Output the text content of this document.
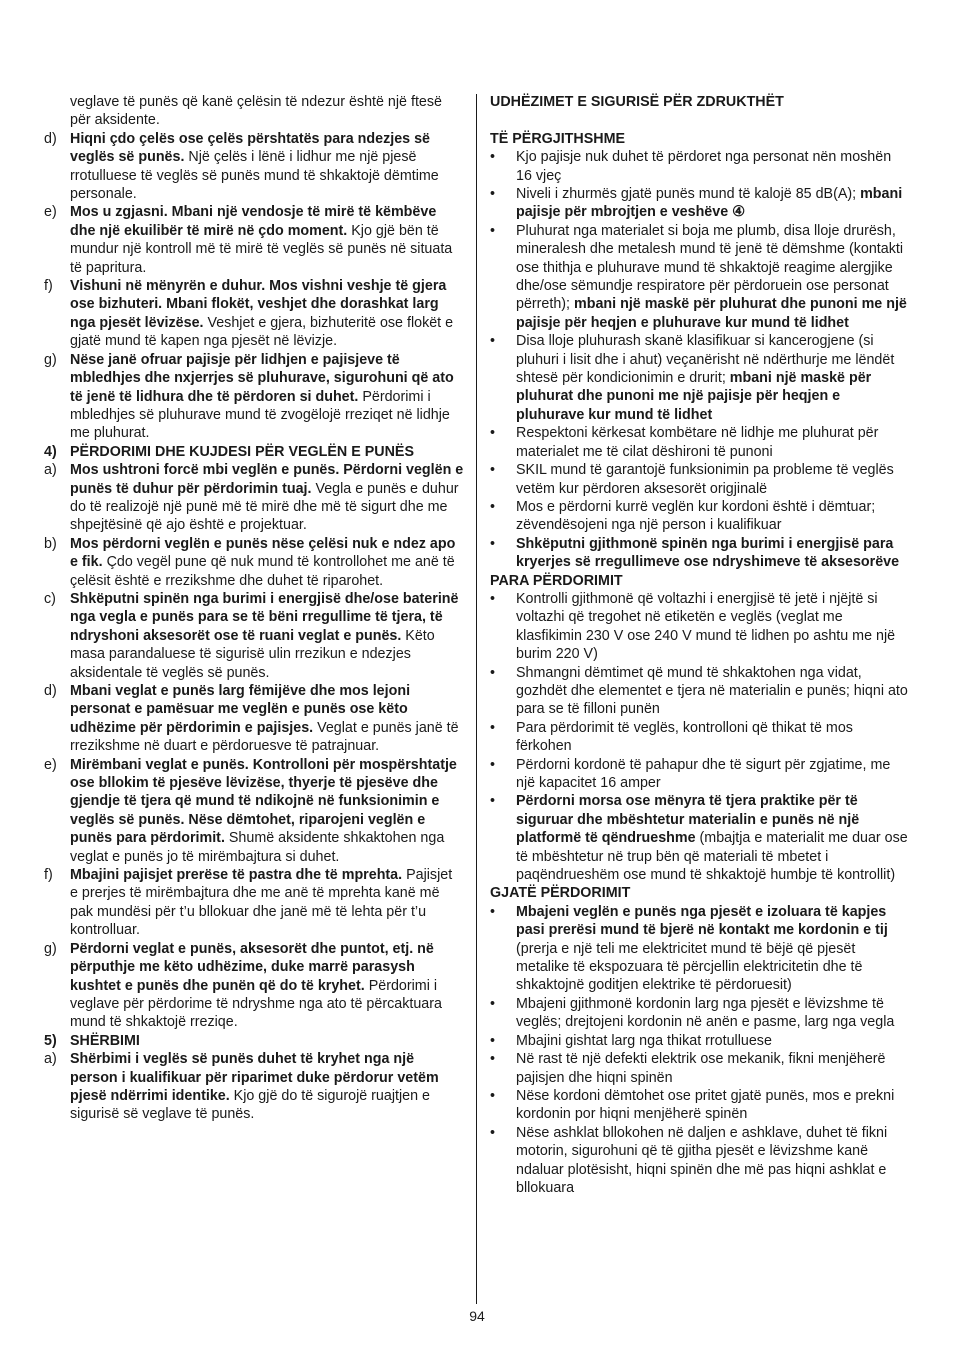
veglave të punës që kanë çelësin të ndezur është një ftesë për aksidente.
d) Hiqni çdo çelës ose çelës përshtatës para ndezjes së veglës së punës. Një çelës i lënë i lidhur me një pjesë rrotulluese të veglës së punës mund të shkaktojë dëmtime personale.
e) Mos u zgjasni. Mbani një vendosje të mirë të këmbëve dhe një ekuilibër të mirë në çdo moment. Kjo gjë bën të mundur një kontroll më të mirë të veglës së punës në situata të papritura.
f) Vishuni në mënyrën e duhur. Mos vishni veshje të gjera ose bizhuteri. Mbani flokët, veshjet dhe dorashkat larg nga pjesët lëvizëse. Veshjet e gjera, bizhuteritë ose flokët e gjatë mund të kapen nga pjesët në lëvizje.
g) Nëse janë ofruar pajisje për lidhjen e pajisjeve të mbledhjes dhe nxjerrjes së pluhurave, sigurohuni që ato të jenë të lidhura dhe të përdoren si duhet. Përdorimi i mbledhjes së pluhurave mund të zvogëlojë rreziqet në lidhje me pluhurat.
4) PËRDORIMI DHE KUJDESI PËR VEGLËN E PUNËS
a) Mos ushtroni forcë mbi veglën e punës. Përdorni veglën e punës të duhur për përdorimin tuaj. Vegla e punës e duhur do të realizojë një punë më të mirë dhe më të sigurt dhe me shpejtësinë që ajo është e projektuar.
b) Mos përdorni veglën e punës nëse çelësi nuk e ndez apo e fik. Çdo vegël pune që nuk mund të kontrollohet me anë të çelësit është e rrezikshme dhe duhet të riparohet.
c) Shkëputni spinën nga burimi i energjisë dhe/ose baterinë nga vegla e punës para se të bëni rregullime të tjera, të ndryshoni aksesorët ose të ruani veglat e punës. Këto masa parandaluese të sigurisë ulin rrezikun e ndezjes aksidentale të veglës së punës.
d) Mbani veglat e punës larg fëmijëve dhe mos lejoni personat e pamësuar me veglën e punës ose këto udhëzime për përdorimin e pajisjes. Veglat e punës janë të rrezikshme në duart e përdoruesve të patrajnuar.
e) Mirëmbani veglat e punës. Kontrolloni për mospërshtatje ose bllokim të pjesëve lëvizëse, thyerje të pjesëve dhe gjendje të tjera që mund të ndikojnë në funksionimin e veglës së punës. Nëse dëmtohet, riparojeni veglën e punës para përdorimit. Shumë aksidente shkaktohen nga veglat e punës jo të mirëmbajtura si duhet.
f) Mbajini pajisjet prerëse të pastra dhe të mprehta. Pajisjet e prerjes të mirëmbajtura dhe me anë të mprehta kanë më pak mundësi për t’u bllokuar dhe janë më të lehta për t’u kontrolluar.
g) Përdorni veglat e punës, aksesorët dhe puntot, etj. në përputhje me këto udhëzime, duke marrë parasysh kushtet e punës dhe punën që do të kryhet. Përdorimi i veglave për përdorime të ndryshme nga ato të përcaktuara mund të shkaktojë rreziqe.
5) SHËRBIMI
a) Shërbimi i veglës së punës duhet të kryhet nga një person i kualifikuar për riparimet duke përdorur vetëm pjesë ndërrimi identike. Kjo gjë do të sigurojë ruajtjen e sigurisë së veglave të punës.
UDHËZIMET E SIGURISË PËR ZDRUKTHËT
TË PËRGJITHSHME
• Kjo pajisje nuk duhet të përdoret nga personat nën moshën 16 vjeç
• Niveli i zhurmës gjatë punës mund të kalojë 85 dB(A); mbani pajisje për mbrojtjen e veshëve ④
• Pluhurat nga materialet si boja me plumb, disa lloje drurësh, mineralesh dhe metalesh mund të jenë të dëmshme (kontakti ose thithja e pluhurave mund të shkaktojë reagime alergjike dhe/ose sëmundje respiratore për përdoruein ose personat përreth); mbani një maskë për pluhurat dhe punoni me një pajisje për heqjen e pluhurave kur mund të lidhet
• Disa lloje pluhurash skanë klasifikuar si kancerogjene (si pluhuri i lisit dhe i ahut) veçanërisht në ndërthurje me lëndët shtesë për kondicionimin e drurit; mbani një maskë për pluhurat dhe punoni me një pajisje për heqjen e pluhurave kur mund të lidhet
• Respektoni kërkesat kombëtare në lidhje me pluhurat për materialet me të cilat dëshironi të punoni
• SKIL mund të garantojë funksionimin pa probleme të veglës vetëm kur përdoren aksesorët origjinalë
• Mos e përdorni kurrë veglën kur kordoni është i dëmtuar; zëvendësojeni nga një person i kualifikuar
• Shkëputni gjithmonë spinën nga burimi i energjisë para kryerjes së rregullimeve ose ndryshimeve të aksesorëve
PARA PËRDORIMIT
• Kontrolli gjithmonë që voltazhi i energjisë të jetë i njëjtë si voltazhi që tregohet në etiketën e veglës (veglat me klasfikimin 230 V ose 240 V mund të lidhen po ashtu me një burim 220 V)
• Shmangni dëmtimet që mund të shkaktohen nga vidat, gozhdët dhe elementet e tjera në materialin e punës; hiqni ato para se të filloni punën
• Para përdorimit të veglës, kontrolloni që thikat të mos fërkohen
• Përdorni kordonë të pahapur dhe të sigurt për zgjatime, me një kapacitet 16 amper
• Përdorni morsa ose mënyra të tjera praktike për të siguruar dhe mbështetur materialin e punës në një platformë të qëndrueshme (mbajtja e materialit me duar ose të mbështetur në trup bën që materiali të mbetet i paqëndrueshëm ose mund të shkaktojë humbje të kontrollit)
GJATË PËRDORIMIT
• Mbajeni veglën e punës nga pjesët e izoluara të kapjes pasi prerësi mund të bjerë në kontakt me kordonin e tij (prerja e një teli me elektricitet mund të bëjë që pjesët metalike të ekspozuara të përcjellin elektricitetin dhe të shkaktojnë goditjen elektrike të përdoruesit)
• Mbajeni gjithmonë kordonin larg nga pjesët e lëvizshme të veglës; drejtojeni kordonin në anën e pasme, larg nga vegla
• Mbajini gishtat larg nga thikat rrotulluese
• Në rast të një defekti elektrik ose mekanik, fikni menjëherë pajisjen dhe hiqni spinën
• Nëse kordoni dëmtohet ose pritet gjatë punës, mos e prekni kordonin por hiqni menjëherë spinën
• Nëse ashklat bllokohen në daljen e ashklave, duhet të fikni motorin, sigurohuni që të gjitha pjesët e lëvizshme kanë ndaluar plotësisht, hiqni spinën dhe më pas hiqni ashklat e bllokuara
94
